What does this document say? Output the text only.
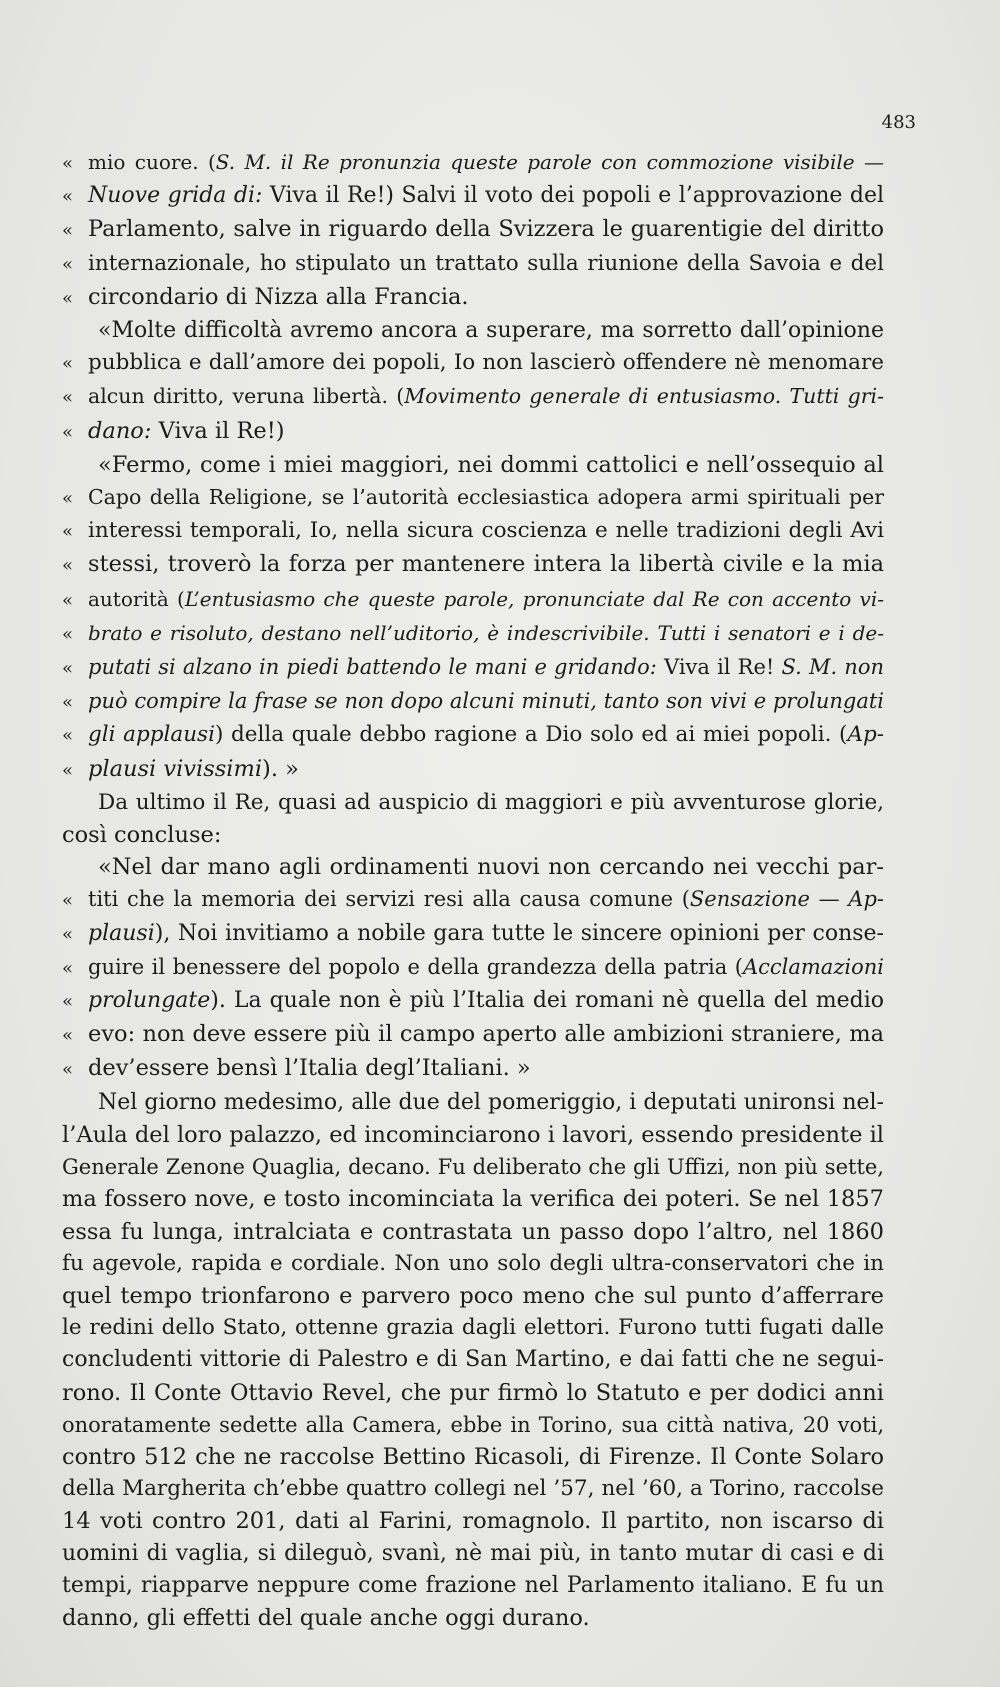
483
« mio cuore. (S. M. il Re pronunzia queste parole con commozione visibile —
« Nuove grida di: Viva il Re!) Salvi il voto dei popoli e l’approvazione del
« Parlamento, salve in riguardo della Svizzera le guarentigie del diritto
« internazionale, ho stipulato un trattato sulla riunione della Savoia e del
« circondario di Nizza alla Francia.
«Molte difficoltà avremo ancora a superare, ma sorretto dall’opinione
« pubblica e dall’amore dei popoli, Io non lascierò offendere nè menomare
« alcun diritto, veruna libertà. (Movimento generale di entusiasmo. Tutti gri-
« dano: Viva il Re!)
«Fermo, come i miei maggiori, nei dommi cattolici e nell’ossequio al
« Capo della Religione, se l’autorità ecclesiastica adopera armi spirituali per
« interessi temporali, Io, nella sicura coscienza e nelle tradizioni degli Avi
« stessi, troverò la forza per mantenere intera la libertà civile e la mia
« autorità (L’entusiasmo che queste parole, pronunciate dal Re con accento vi-
« brato e risoluto, destano nell’uditorio, è indescrivibile. Tutti i senatori e i de-
« putati si alzano in piedi battendo le mani e gridando: Viva il Re! S. M. non
« può compire la frase se non dopo alcuni minuti, tanto son vivi e prolungati
« gli applausi) della quale debbo ragione a Dio solo ed ai miei popoli. (Ap-
« plausi vivissimi). »
Da ultimo il Re, quasi ad auspicio di maggiori e più avventurose glorie,
così concluse:
«Nel dar mano agli ordinamenti nuovi non cercando nei vecchi par-
« titi che la memoria dei servizi resi alla causa comune (Sensazione — Ap-
« plausi), Noi invitiamo a nobile gara tutte le sincere opinioni per conse-
« guire il benessere del popolo e della grandezza della patria (Acclamazioni
« prolungate). La quale non è più l’Italia dei romani nè quella del medio
« evo: non deve essere più il campo aperto alle ambizioni straniere, ma
« dev’essere bensì l’Italia degl’Italiani. »
Nel giorno medesimo, alle due del pomeriggio, i deputati unironsi nel-
l’Aula del loro palazzo, ed incominciarono i lavori, essendo presidente il
Generale Zenone Quaglia, decano. Fu deliberato che gli Uffizi, non più sette,
ma fossero nove, e tosto incominciata la verifica dei poteri. Se nel 1857
essa fu lunga, intralciata e contrastata un passo dopo l’altro, nel 1860
fu agevole, rapida e cordiale. Non uno solo degli ultra-conservatori che in
quel tempo trionfarono e parvero poco meno che sul punto d’afferrare
le redini dello Stato, ottenne grazia dagli elettori. Furono tutti fugati dalle
concludenti vittorie di Palestro e di San Martino, e dai fatti che ne segui-
rono. Il Conte Ottavio Revel, che pur firmò lo Statuto e per dodici anni
onoratamente sedette alla Camera, ebbe in Torino, sua città nativa, 20 voti,
contro 512 che ne raccolse Bettino Ricasoli, di Firenze. Il Conte Solaro
della Margherita ch’ebbe quattro collegi nel ’57, nel ’60, a Torino, raccolse
14 voti contro 201, dati al Farini, romagnolo. Il partito, non iscarso di
uomini di vaglia, si dileguò, svanì, nè mai più, in tanto mutar di casi e di
tempi, riapparve neppure come frazione nel Parlamento italiano. E fu un
danno, gli effetti del quale anche oggi durano.
